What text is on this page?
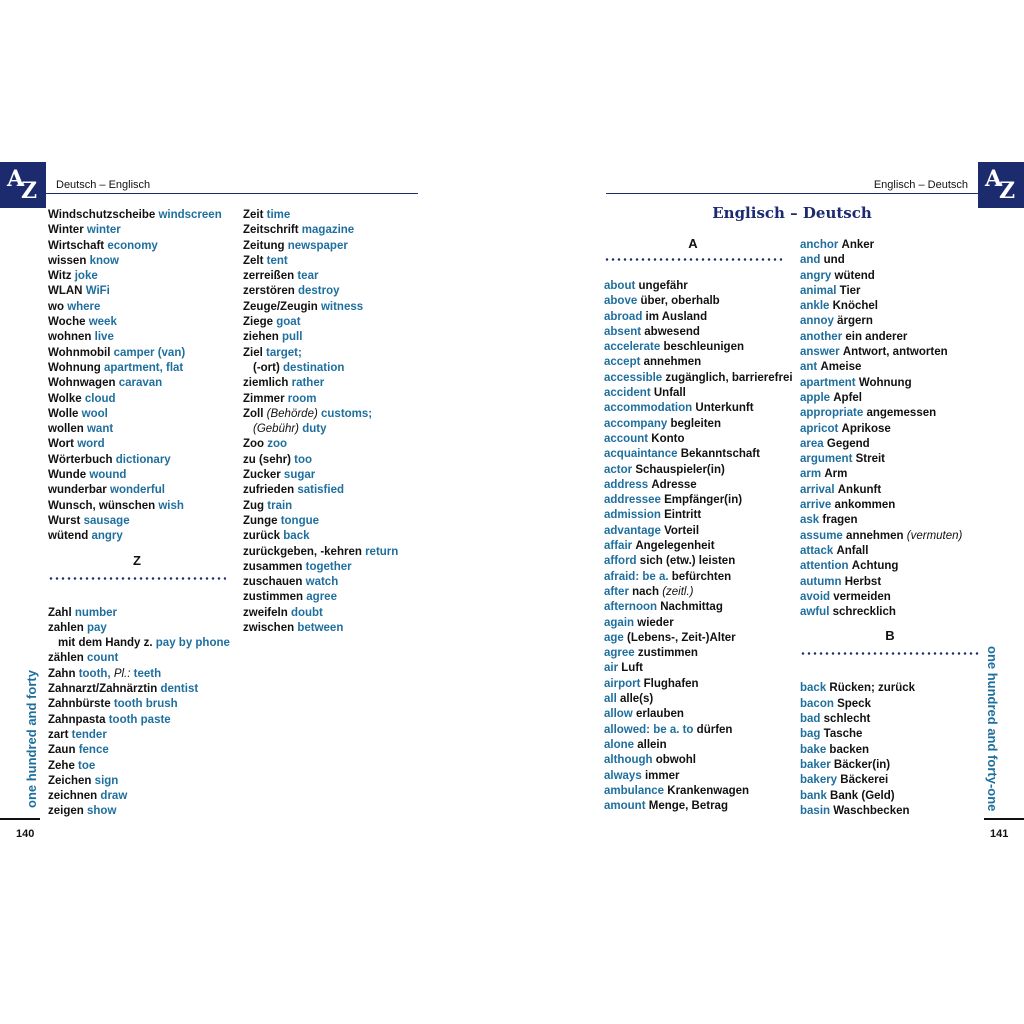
A
Z Deutsch – Englisch
Windschutzscheibe windscreen
Winter winter
Wirtschaft economy
wissen know
Witz joke
WLAN WiFi
wo where
Woche week
wohnen live
Wohnmobil camper (van)
Wohnung apartment, flat
Wohnwagen caravan
Wolke cloud
Wolle wool
wollen want
Wort word
Wörterbuch dictionary
Wunde wound
wunderbar wonderful
Wunsch, wünschen wish
Wurst sausage
wütend angry
Z
Zahl number
zahlen pay
mit dem Handy z. pay by phone
zählen count
Zahn tooth, Pl.: teeth
Zahnarzt/Zahnärztin dentist
Zahnbürste tooth brush
Zahnpasta tooth paste
zart tender
Zaun fence
Zehe toe
Zeichen sign
zeichnen draw
zeigen show
Zeit time
Zeitschrift magazine
Zeitung newspaper
Zelt tent
zerreißen tear
zerstören destroy
Zeuge/Zeugin witness
Ziege goat
ziehen pull
Ziel target;
(-ort) destination
ziemlich rather
Zimmer room
Zoll (Behörde) customs;
(Gebühr) duty
Zoo zoo
zu (sehr) too
Zucker sugar
zufrieden satisfied
Zug train
Zunge tongue
zurück back
zurückgeben, -kehren return
zusammen together
zuschauen watch
zustimmen agree
zweifeln doubt
zwischen between
one hundred and forty
140
A
Z
Englisch – Deutsch
Englisch – Deutsch
A
about ungefähr
above über, oberhalb
abroad im Ausland
absent abwesend
accelerate beschleunigen
accept annehmen
accessible zugänglich, barrierefrei
accident Unfall
accommodation Unterkunft
accompany begleiten
account Konto
acquaintance Bekanntschaft
actor Schauspieler(in)
address Adresse
addressee Empfänger(in)
admission Eintritt
advantage Vorteil
affair Angelegenheit
afford sich (etw.) leisten
afraid: be a. befürchten
after nach (zeitl.)
afternoon Nachmittag
again wieder
age (Lebens-, Zeit-)Alter
agree zustimmen
air Luft
airport Flughafen
all alle(s)
allow erlauben
allowed: be a. to dürfen
alone allein
although obwohl
always immer
ambulance Krankenwagen
amount Menge, Betrag
anchor Anker
and und
angry wütend
animal Tier
ankle Knöchel
annoy ärgern
another ein anderer
answer Antwort, antworten
ant Ameise
apartment Wohnung
apple Apfel
appropriate angemessen
apricot Aprikose
area Gegend
argument Streit
arm Arm
arrival Ankunft
arrive ankommen
ask fragen
assume annehmen (vermuten)
attack Anfall
attention Achtung
autumn Herbst
avoid vermeiden
awful schrecklich
B
back Rücken; zurück
bacon Speck
bad schlecht
bag Tasche
bake backen
baker Bäcker(in)
bakery Bäckerei
bank Bank (Geld)
basin Waschbecken	one hundred and forty-one
141
